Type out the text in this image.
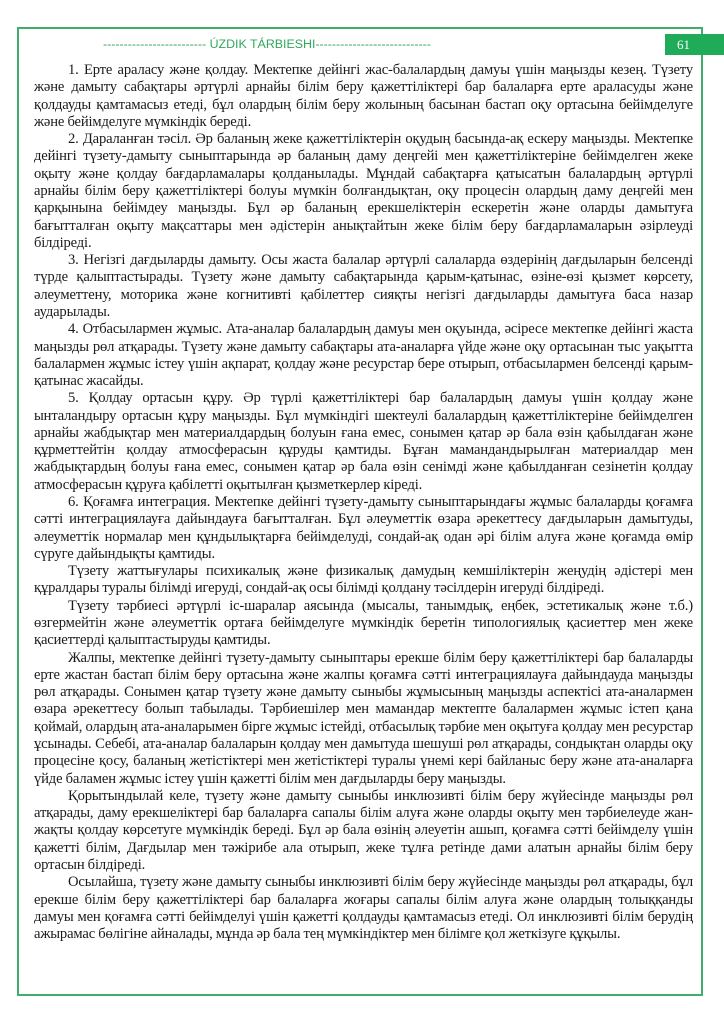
------------------------- ÚZDIK TÁRBIESHI----------------------------	61

1. Ерте араласу және қолдау. Мектепке дейінгі жас-балалардың дамуы үшін маңызды кезең. Түзету және дамыту сабақтары әртүрлі арнайы білім беру қажеттіліктері бар балаларға ерте араласуды және қолдауды қамтамасыз етеді, бұл олардың білім беру жолының басынан бастап оқу ортасына бейімделуге және бейімделуге мүмкіндік береді.

2. Дараланған тәсіл. Әр баланың жеке қажеттіліктерін оқудың басында-ақ ескеру маңызды. Мектепке дейінгі түзету-дамыту сыныптарында әр баланың даму деңгейі мен қажеттіліктеріне бейімделген жеке оқыту және қолдау бағдарламалары қолданылады. Мұндай сабақтарға қатысатын балалардың әртүрлі арнайы білім беру қажеттіліктері болуы мүмкін болғандықтан, оқу процесін олардың даму деңгейі мен қарқынына бейімдеу маңызды. Бұл әр баланың ерекшеліктерін ескеретін және оларды дамытуға бағытталған оқыту мақсаттары мен әдістерін анықтайтын жеке білім беру бағдарламаларын әзірлеуді білдіреді.

3. Негізгі дағдыларды дамыту. Осы жаста балалар әртүрлі салаларда өздерінің дағдыларын белсенді түрде қалыптастырады. Түзету және дамыту сабақтарында қарым-қатынас, өзіне-өзі қызмет көрсету, әлеуметтену, моторика және когнитивті қабілеттер сияқты негізгі дағдыларды дамытуға баса назар аударылады.

4. Отбасылармен жұмыс. Ата-аналар балалардың дамуы мен оқуында, әсіресе мектепке дейінгі жаста маңызды рөл атқарады. Түзету және дамыту сабақтары ата-аналарға үйде және оқу ортасынан тыс уақытта балалармен жұмыс істеу үшін ақпарат, қолдау және ресурстар бере отырып, отбасылармен белсенді қарым-қатынас жасайды.

5. Қолдау ортасын құру. Әр түрлі қажеттіліктері бар балалардың дамуы үшін қолдау және ынталандыру ортасын құру маңызды. Бұл мүмкіндігі шектеулі балалардың қажеттіліктеріне бейімделген арнайы жабдықтар мен материалдардың болуын ғана емес, сонымен қатар әр бала өзін қабылдаған және құрметтейтін қолдау атмосферасын құруды қамтиды. Бұған мамандандырылған материалдар мен жабдықтардың болуы ғана емес, сонымен қатар әр бала өзін сенімді және қабылданған сезінетін қолдау атмосферасын құруға қабілетті оқытылған қызметкерлер кіреді.

6. Қоғамға интеграция. Мектепке дейінгі түзету-дамыту сыныптарындағы жұмыс балаларды қоғамға сәтті интеграциялауға дайындауға бағытталған. Бұл әлеуметтік өзара әрекеттесу дағдыларын дамытуды, әлеуметтік нормалар мен құндылықтарға бейімделуді, сондай-ақ одан әрі білім алуға және қоғамда өмір сүруге дайындықты қамтиды.

Түзету жаттығулары психикалық және физикалық дамудың кемшіліктерін жеңудің әдістері мен құралдары туралы білімді игеруді, сондай-ақ осы білімді қолдану тәсілдерін игеруді білдіреді.

Түзету тәрбиесі әртүрлі іс-шаралар аясында (мысалы, танымдық, еңбек, эстетикалық және т.б.) өзгермейтін және әлеуметтік ортаға бейімделуге мүмкіндік беретін типологиялық қасиеттер мен жеке қасиеттерді қалыптастыруды қамтиды.

Жалпы, мектепке дейінгі түзету-дамыту сыныптары ерекше білім беру қажеттіліктері бар балаларды ерте жастан бастап білім беру ортасына және жалпы қоғамға сәтті интеграциялауға дайындауда маңызды рөл атқарады. Сонымен қатар түзету және дамыту сыныбы жұмысының маңызды аспектісі ата-аналармен өзара әрекеттесу болып табылады. Тәрбиешілер мен мамандар мектепте балалармен жұмыс істеп қана қоймай, олардың ата-аналарымен бірге жұмыс істейді, отбасылық тәрбие мен оқытуға қолдау мен ресурстар ұсынады. Себебі, ата-аналар балаларын қолдау мен дамытуда шешуші рөл атқарады, сондықтан оларды оқу процесіне қосу, баланың жетістіктері мен жетістіктері туралы үнемі кері байланыс беру және ата-аналарға үйде баламен жұмыс істеу үшін қажетті білім мен дағдыларды беру маңызды.

Қорытындылай келе, түзету және дамыту сыныбы инклюзивті білім беру жүйесінде маңызды рөл атқарады, даму ерекшеліктері бар балаларға сапалы білім алуға және оларды оқыту мен тәрбиелеуде жан-жақты қолдау көрсетуге мүмкіндік береді. Бұл әр бала өзінің әлеуетін ашып, қоғамға сәтті бейімделу үшін қажетті білім, Дағдылар мен тәжірибе ала отырып, жеке тұлға ретінде дами алатын арнайы білім беру ортасын білдіреді.

Осылайша, түзету және дамыту сыныбы инклюзивті білім беру жүйесінде маңызды рөл атқарады, бұл ерекше білім беру қажеттіліктері бар балаларға жоғары сапалы білім алуға және олардың толыққанды дамуы мен қоғамға сәтті бейімделуі үшін қажетті қолдауды қамтамасыз етеді. Ол инклюзивті білім берудің ажырамас бөлігіне айналады, мұнда әр бала тең мүмкіндіктер мен білімге қол жеткізуге құқылы.
